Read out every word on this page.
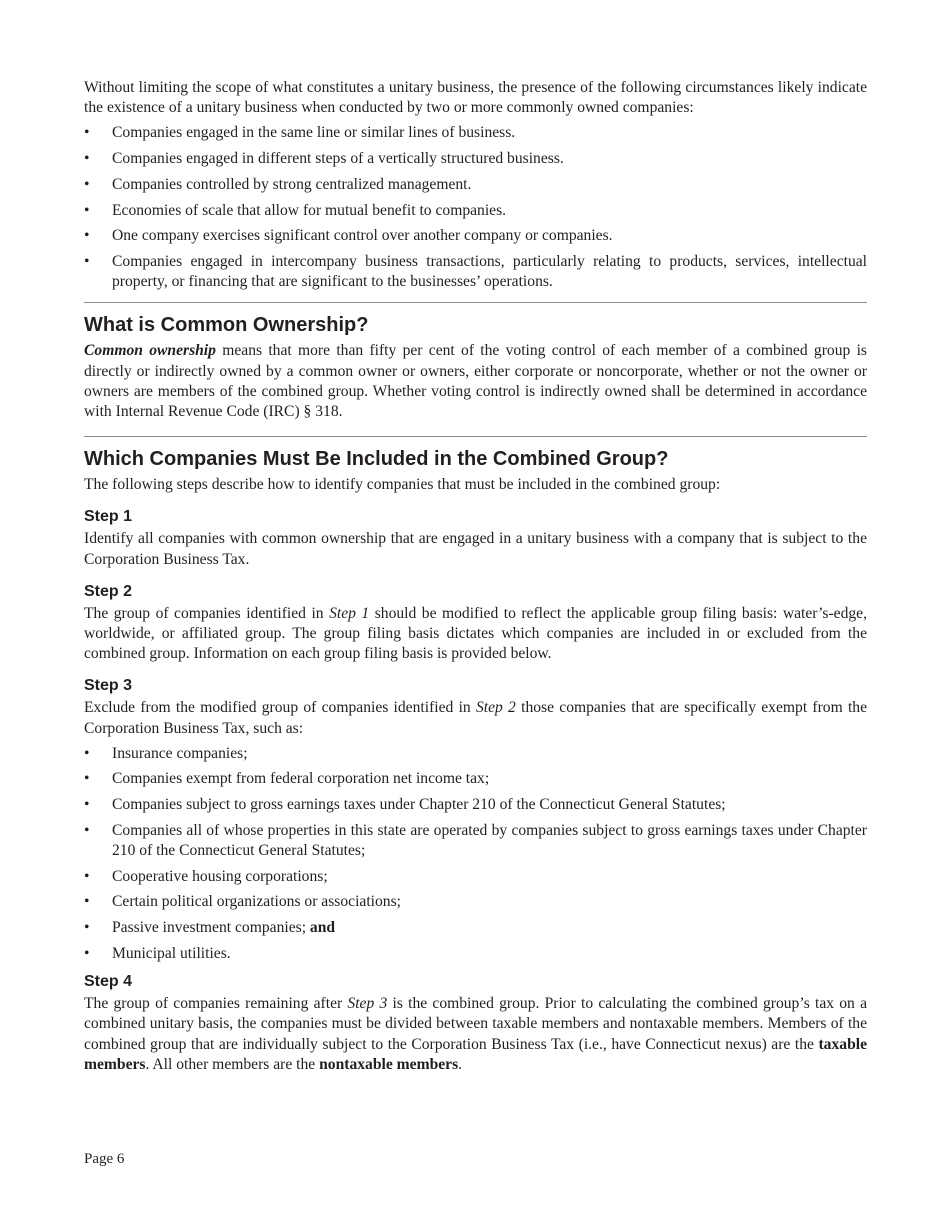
Without limiting the scope of what constitutes a unitary business, the presence of the following circumstances likely indicate the existence of a unitary business when conducted by two or more commonly owned companies:

• Companies engaged in the same line or similar lines of business.
• Companies engaged in different steps of a vertically structured business.
• Companies controlled by strong centralized management.
• Economies of scale that allow for mutual benefit to companies.
• One company exercises significant control over another company or companies.
• Companies engaged in intercompany business transactions, particularly relating to products, services, intellectual property, or financing that are significant to the businesses’ operations.
What is Common Ownership?

Common ownership means that more than fifty per cent of the voting control of each member of a combined group is directly or indirectly owned by a common owner or owners, either corporate or noncorporate, whether or not the owner or owners are members of the combined group. Whether voting control is indirectly owned shall be determined in accordance with Internal Revenue Code (IRC) § 318.

Which Companies Must Be Included in the Combined Group?

The following steps describe how to identify companies that must be included in the combined group:

Step 1

Identify all companies with common ownership that are engaged in a unitary business with a company that is subject to the Corporation Business Tax.

Step 2

The group of companies identified in Step 1 should be modified to reflect the applicable group filing basis: water’s-edge, worldwide, or affiliated group. The group filing basis dictates which companies are included in or excluded from the combined group. Information on each group filing basis is provided below.

Step 3

Exclude from the modified group of companies identified in Step 2 those companies that are specifically exempt from the Corporation Business Tax, such as:

• Insurance companies;
• Companies exempt from federal corporation net income tax;
• Companies subject to gross earnings taxes under Chapter 210 of the Connecticut General Statutes;
• Companies all of whose properties in this state are operated by companies subject to gross earnings taxes under Chapter 210 of the Connecticut General Statutes;
• Cooperative housing corporations;
• Certain political organizations or associations;
• Passive investment companies; and
• Municipal utilities.
Step 4

The group of companies remaining after Step 3 is the combined group. Prior to calculating the combined group’s tax on a combined unitary basis, the companies must be divided between taxable members and nontaxable members. Members of the combined group that are individually subject to the Corporation Business Tax (i.e., have Connecticut nexus) are the taxable members. All other members are the nontaxable members.

Page 6
